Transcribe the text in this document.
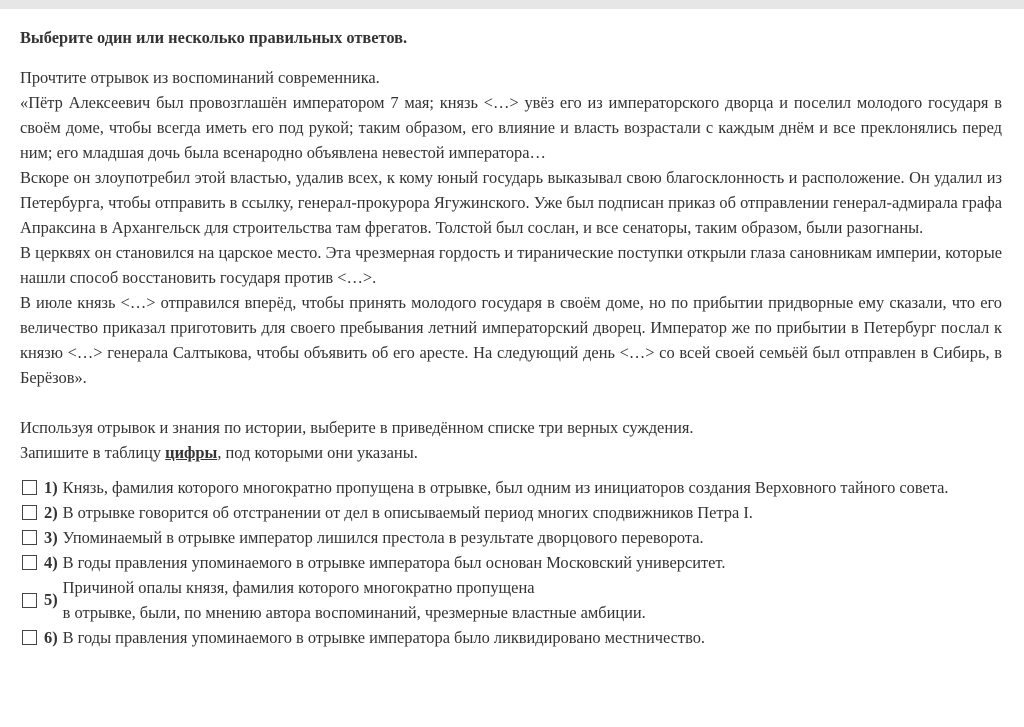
Выберите один или несколько правильных ответов.

Прочтите отрывок из воспоминаний современника.

«Пётр Алексеевич был провозглашён императором 7 мая; князь <…> увёз его из императорского дворца и поселил молодого государя в своём доме, чтобы всегда иметь его под рукой; таким образом, его влияние и власть возрастали с каждым днём и все преклонялись перед ним; его младшая дочь была всенародно объявлена невестой императора…

Вскоре он злоупотребил этой властью, удалив всех, к кому юный государь выказывал свою благосклонность и расположение. Он удалил из Петербурга, чтобы отправить в ссылку, генерал-прокурора Ягужинского. Уже был подписан приказ об отправлении генерал-адмирала графа Апраксина в Архангельск для строительства там фрегатов. Толстой был сослан, и все сенаторы, таким образом, были разогнаны.

В церквях он становился на царское место. Эта чрезмерная гордость и тиранические поступки открыли глаза сановникам империи, которые нашли способ восстановить государя против <…>.

В июле князь <…> отправился вперёд, чтобы принять молодого государя в своём доме, но по прибытии придворные ему сказали, что его величество приказал приготовить для своего пребывания летний императорский дворец. Император же по прибытии в Петербург послал к князю <…> генерала Салтыкова, чтобы объявить об его аресте. На следующий день <…> со всей своей семьёй был отправлен в Сибирь, в Берёзов».

Используя отрывок и знания по истории, выберите в приведённом списке три верных суждения.

Запишите в таблицу цифры, под которыми они указаны.

1) Князь, фамилия которого многократно пропущена в отрывке, был одним из инициаторов создания Верховного тайного совета.
2) В отрывке говорится об отстранении от дел в описываемый период многих сподвижников Петра I.
3) Упоминаемый в отрывке император лишился престола в результате дворцового переворота.
4) В годы правления упоминаемого в отрывке императора был основан Московский университет.
5)
Причиной опалы князя, фамилия которого многократно пропущена
в отрывке, были, по мнению автора воспоминаний, чрезмерные властные амбиции.
6) В годы правления упоминаемого в отрывке императора было ликвидировано местничество.
